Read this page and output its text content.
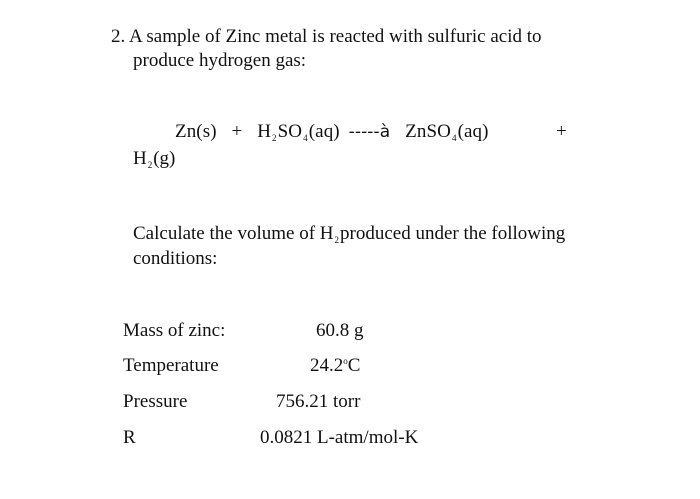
2. A sample of Zinc metal is reacted with sulfuric acid to
produce hydrogen gas:
$Zn(s) + H_2SO_4(aq)$ -----à ZnSO$_4$(aq)	+
$H_2(g)$
Calculate the volume of $H_2produced$ under the following
conditions:
Mass of zinc:	60.8 g
Temperature	24.2$^o$C
Pressure	756.21 torr
R	0.0821 L-atm/mol-K
